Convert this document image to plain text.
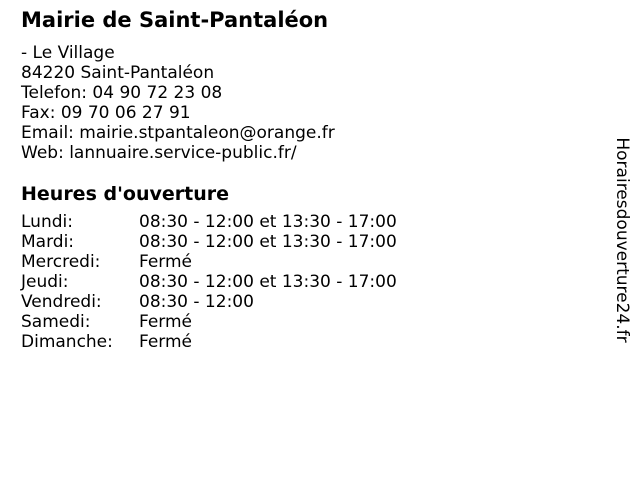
Mairie de Saint-Pantaléon
- Le Village
84220 Saint-Pantaléon
Telefon: 04 90 72 23 08
Fax: 09 70 06 27 91
Email: mairie.stpantaleon@orange.fr
Web: lannuaire.service-public.fr/
Heures d'ouverture
Lundi:	08:30 - 12:00 et 13:30 - 17:00
Mardi:	08:30 - 12:00 et 13:30 - 17:00
Mercredi:	Fermé
Jeudi:	08:30 - 12:00 et 13:30 - 17:00
Vendredi:	08:30 - 12:00
Samedi:	Fermé
Dimanche:	Fermé	Horairesdouverture24.fr
